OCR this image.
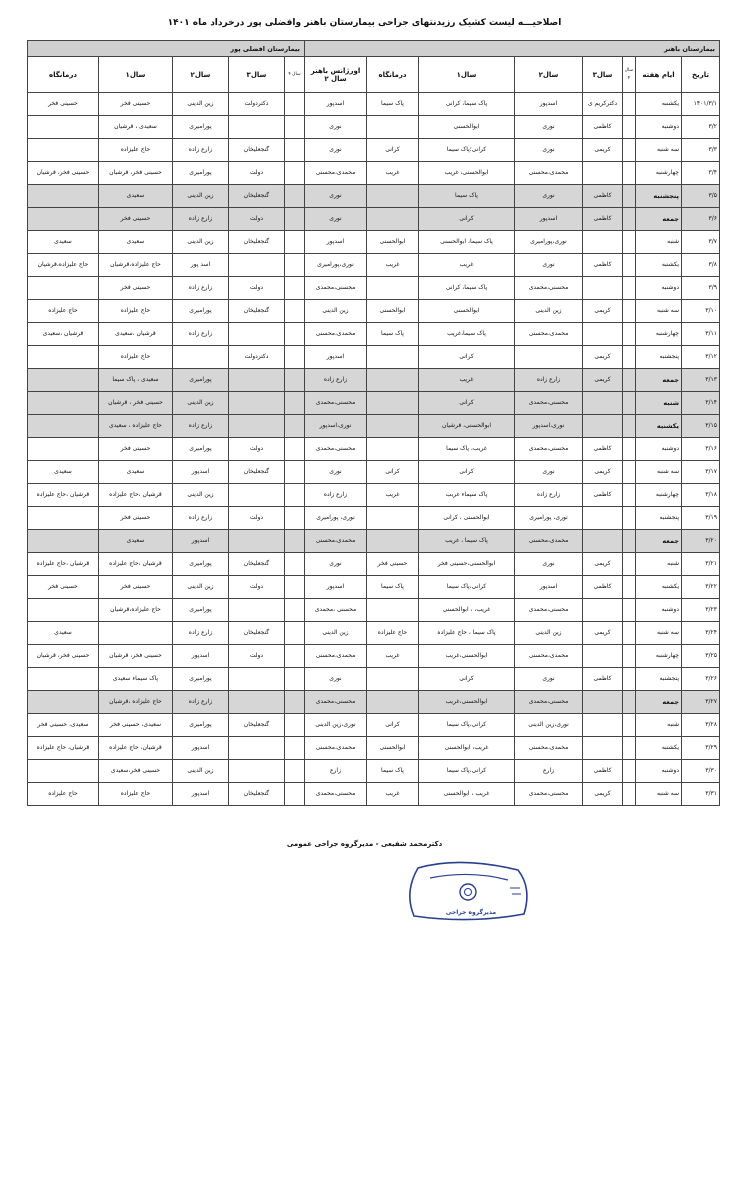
اصلاحیـــه لیست کشیک رزیدنتهای جراحی بیمارستان باهنر وافضلی پور درخرداد ماه ۱۴۰۱
بیمارستان باهنر								بیمارستان افضلی پور				
تاریخ	ایام هفته	سال ۴	سال۳	سال۲	سال۱	درمانگاه	اورژانس باهنر سال ۲	سال ۴	سال۳	سال۲	سال۱	درمانگاه
۱۴۰۱/۳/۱	یکشنبه		دکترکریم ی	اسدپور	پاک سیما، کرانی	پاک سیما	اسدپور		دکتردولت	زین الدینی	حسینی فخر	حسینی فخر
۳/۲	دوشنبه		کاظمی	نوری	ابوالحسنی		نوری			پورامیری	سعیدی ، قرشیان	
۳/۳	سه شنبه		کریمی	نوری	کرانی؛پاک سیما	کرانی	نوری		گنجعلیخان	زارع زاده	حاج علیزاده	
۳/۴	چهارشنبه			محمدی،محسنی	ابوالحسنی، غریب	غریب	محمدی،محسنی		دولت	پورامیری	حسینی فخر، قرشیان	حسینی فخر، قرشیان
۳/۵	پنجشنبه		کاظمی	نوری	پاک سیما		نوری		گنجعلیخان	زین الدینی	سعیدی	
۳/۶	جمعه		کاظمی	اسدپور	کرانی		نوری		دولت	زارع زاده	حسینی فخر	
۳/۷	شنبه			نوری،پورامیری	پاک سیما، ابوالحسنی	ابوالحسنی	اسدپور		گنجعلیخان	زین الدینی	سعیدی	سعیدی
۳/۸	یکشنبه		کاظمی	نوری	غریب	غریب	نوری،پورامیری			اسد پور	حاج علیزاده،قرشیان	حاج علیزاده،قرشیان
۳/۹	دوشنبه			محسنی،محمدی	پاک سیما، کرانی		محسنی،محمدی		دولت	زارع زاده	حسینی فخر	
۳/۱۰	سه شنبه		کریمی	زین الدینی	ابوالحسنی	ابوالحسنی	زین الدینی		گنجعلیخان	پورامیری	حاج علیزاده	حاج علیزاده
۳/۱۱	چهارشنبه			محمدی،محسنی	پاک سیما،غریب	پاک سیما	محمدی،محسنی			زارع زاده	قرشیان ،سعیدی	قرشیان ،سعیدی
۳/۱۲	پنجشنبه		کریمی		کرانی		اسدپور		دکتردولت		حاج علیزاده	
۳/۱۳	جمعه		کریمی	زارع زاده	غریب		زارع زاده			پورامیری	سعیدی ، پاک سیما	
۳/۱۴	شنبه			محسنی،محمدی	کرانی		محسنی،محمدی			زین الدینی	حسینی فخر ، قرشیان	
۳/۱۵	یکشنبه			نوری،اسدپور	ابوالحسنی، قرشیان		نوری،اسدپور			زارع زاده	حاج علیزاده ، سعیدی	
۳/۱۶	دوشنبه		کاظمی	محسنی،محمدی	غریب، پاک سیما		محسنی،محمدی		دولت	پورامیری	حسینی فخر	
۳/۱۷	سه شنبه		کریمی	نوری	کرانی	کرانی	نوری		گنجعلیخان	اسدپور	سعیدی	سعیدی
۳/۱۸	چهارشنبه		کاظمی	زارع زاده	پاک سیماء غریب	غریب	زارع زاده			زین الدینی	قرشیان ،حاج علیزاده	قرشیان ،حاج علیزاده
۳/۱۹	پنجشنبه			نوری، پورامیری	ابوالحسنی ، کرانی		نوری، پورامیری		دولت	زارع زاده	حسینی فخر	
۳/۲۰	جمعه			محمدی،محسنی	پاک سیما ، غریب		محمدی،محسنی			اسدپور	سعیدی	
۳/۲۱	شنبه		کریمی	نوری	ابوالحسنی،حسینی فخر	حسینی فخر	نوری		گنجعلیخان	پورامیری	قرشیان ،حاج علیزاده	قرشیان ،حاج علیزاده
۳/۲۲	یکشنبه		کاظمی	اسدپور	کرانی،پاک سیما	پاک سیما	اسدپور		دولت	زین الدینی	حسینی فخر	حسینی فخر
۳/۲۳	دوشنبه			محسنی،محمدی	غریب، ، ابوالحسنی		محسنی ،محمدی			پورامیری	حاج علیزاده،قرشیان	
۳/۲۴	سه شنبه		کریمی	زین الدینی	پاک سیما ، حاج علیزاده	حاج علیزاده	زین الدینی		گنجعلیخان	زارع زاده		سعیدی
۳/۲۵	چهارشنبه			محمدی،محسنی	ابوالحسنی،غریب	غریب	محمدی،محسنی		دولت	اسدپور	حسینی فخر، قرشیان	حسینی فخر، قرشیان
۳/۲۶	پنجشنبه		کاظمی	نوری	کرانی		نوری			پورامیری	پاک سیماء سعیدی	
۳/۲۷	جمعه			محسنی،محمدی	ابوالحسنی،غریب		محسنی،محمدی			زارع زاده	حاج علیزاده ،قرشیان	
۳/۲۸	شنبه			نوری،زین الدینی	کرانی،پاک سیما	کرانی	نوری،زین الدینی		گنجعلیخان	پورامیری	سعیدی، حسینی فخر	سعیدی، حسینی فخر
۳/۲۹	یکشنبه			محمدی،محسنی	غریب، ابوالحسنی	ابوالحسنی	محمدی،محسنی			اسدپور	قرشیان، حاج علیزاده	قرشیان، حاج علیزاده
۳/۳۰	دوشنبه		کاظمی	زارع	کرانی،پاک سیما	پاک سیما	زارع			زین الدینی	حسینی فخر،سعیدی	
۳/۳۱	سه شنبه		کریمی	محسنی،محمدی	غریب ، ابوالحسنی	غریب	محسنی،محمدی		گنجعلیخان	اسدپور	حاج علیزاده	حاج علیزاده
دکترمحمد شفیعی - مدیرگروه جراحی عمومی
مدیرگروه جراحی
